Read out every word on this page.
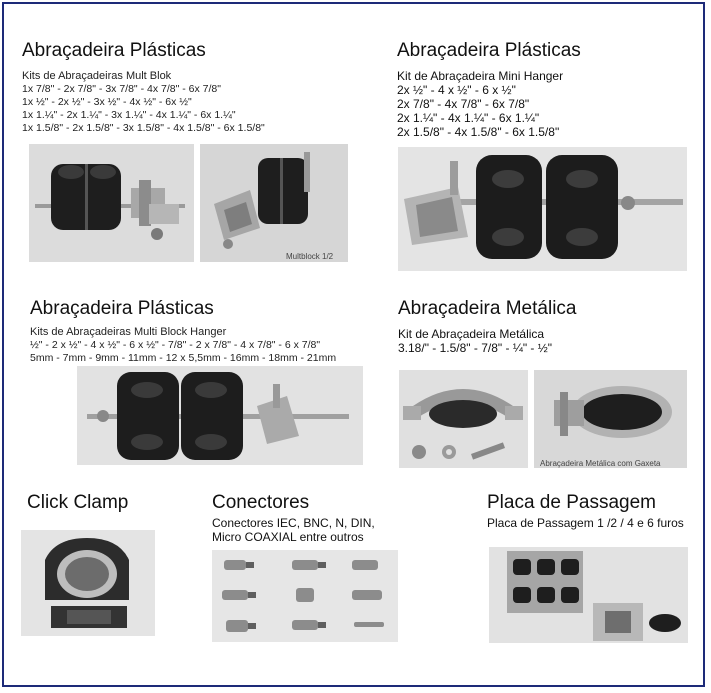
Abraçadeira Plásticas
Kits de Abraçadeiras Mult Blok
1x 7/8" - 2x 7/8" - 3x 7/8" - 4x 7/8" - 6x 7/8"
1x ½" - 2x ½" - 3x ½" - 4x ½" - 6x ½"
1x 1.¼" - 2x 1.¼" - 3x 1.¼" - 4x 1.¼" - 6x 1.¼"
1x 1.5/8" - 2x 1.5/8" - 3x 1.5/8" - 4x 1.5/8" - 6x 1.5/8"
Multblock 1/2
Abraçadeira Plásticas
Kit de Abraçadeira Mini Hanger
2x ½" - 4 x ½" - 6 x ½"
2x 7/8" - 4x 7/8" - 6x 7/8"
2x 1.¼" - 4x 1.¼" - 6x 1.¼"
2x 1.5/8" - 4x 1.5/8" - 6x 1.5/8"
Abraçadeira Plásticas
Kits de Abraçadeiras Multi Block Hanger
½" - 2 x ½" - 4 x ½" - 6 x ½" - 7/8" - 2 x 7/8" - 4 x 7/8" - 6 x 7/8"
5mm - 7mm - 9mm - 11mm - 12 x 5,5mm - 16mm - 18mm - 21mm
Abraçadeira Metálica
Kit de Abraçadeira Metálica
3.18/" - 1.5/8" - 7/8" - ¼" - ½"
Abraçadeira Metálica com Gaxeta
Click Clamp	Conectores
Conectores IEC, BNC, N, DIN,
Micro COAXIAL entre outros
Placa de Passagem
Placa de Passagem 1 /2 / 4 e 6 furos
